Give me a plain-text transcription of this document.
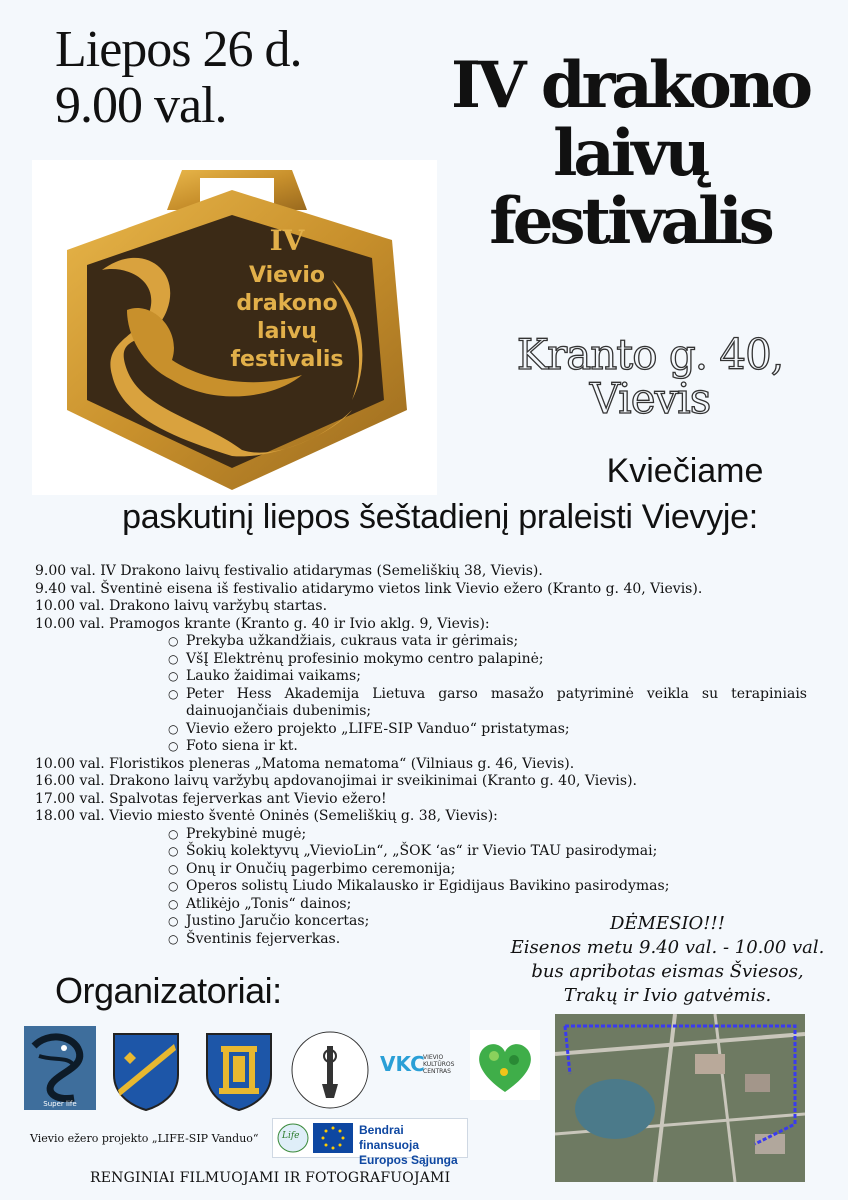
Liepos 26 d.
9.00 val.	IV drakono
laivų
festivalis
Kranto g. 40,
Vievis
IV
Vievio
drakono
laivų
festivalis
Kviečiame
paskutinį liepos šeštadienį praleisti Vievyje:
9.00 val. IV Drakono laivų festivalio atidarymas (Semeliškių 38, Vievis).
9.40 val. Šventinė eisena iš festivalio atidarymo vietos link Vievio ežero (Kranto g. 40, Vievis).
10.00 val. Drakono laivų varžybų startas.
10.00 val. Pramogos krante (Kranto g. 40 ir Ivio aklg. 9, Vievis):
○ Prekyba užkandžiais, cukraus vata ir gėrimais;
○ VšĮ Elektrėnų profesinio mokymo centro palapinė;
○ Lauko žaidimai vaikams;
○ Peter Hess Akademija Lietuva garso masažo patyriminė veikla su terapiniais dainuojančiais dubenimis;
○ Vievio ežero projekto „LIFE-SIP Vanduo“ pristatymas;
○ Foto siena ir kt.
10.00 val. Floristikos pleneras „Matoma nematoma“ (Vilniaus g. 46, Vievis).
16.00 val. Drakono laivų varžybų apdovanojimai ir sveikinimai (Kranto g. 40, Vievis).
17.00 val. Spalvotas fejerverkas ant Vievio ežero!
18.00 val. Vievio miesto šventė Oninės (Semeliškių g. 38, Vievis):
○ Prekybinė mugė;
○ Šokių kolektyvų „VievioLin“, „ŠOK ‘as“ ir Vievio TAU pasirodymai;
○ Onų ir Onučių pagerbimo ceremonija;
○ Operos solistų Liudo Mikalausko ir Egidijaus Bavikino pasirodymas;
○ Atlikėjo „Tonis“ dainos;
○ Justino Jaručio koncertas;
○ Šventinis fejerverkas.
DĖMESIO!!!
Eisenos metu 9.40 val. - 10.00 val.
bus apribotas eismas Šviesos,
Trakų ir Ivio gatvėmis.
Organizatoriai:
Super life
VKC
VIEVIO
KULTŪROS
CENTRAS
Vievio ežero projekto „LIFE-SIP Vanduo“	Life	Bendrai finansuoja
Europos Sąjunga
RENGINIAI FILMUOJAMI IR FOTOGRAFUOJAMI
